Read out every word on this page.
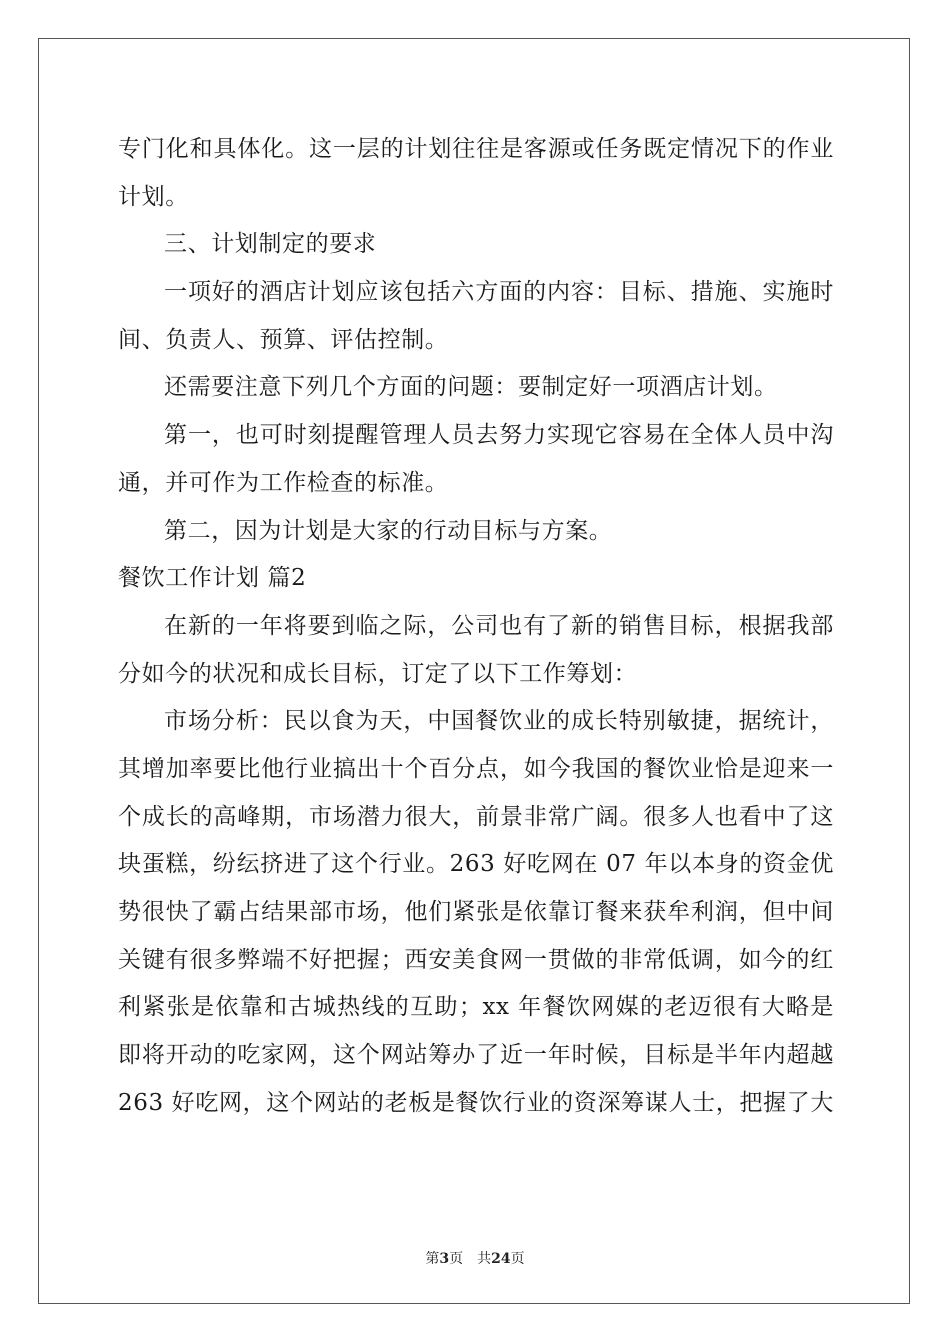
专门化和具体化。这一层的计划往往是客源或任务既定情况下的作业
计划。
三、计划制定的要求
一项好的酒店计划应该包括六方面的内容：目标、措施、实施时
间、负责人、预算、评估控制。
还需要注意下列几个方面的问题：要制定好一项酒店计划。
第一，也可时刻提醒管理人员去努力实现它容易在全体人员中沟
通，并可作为工作检查的标准。
第二，因为计划是大家的行动目标与方案。
餐饮工作计划 篇2
在新的一年将要到临之际，公司也有了新的销售目标，根据我部
分如今的状况和成长目标，订定了以下工作筹划：
市场分析：民以食为天，中国餐饮业的成长特别敏捷，据统计，
其增加率要比他行业搞出十个百分点，如今我国的餐饮业恰是迎来一
个成长的高峰期，市场潜力很大，前景非常广阔。很多人也看中了这
块蛋糕，纷纭挤进了这个行业。263 好吃网在 07 年以本身的资金优
势很快了霸占结果部市场，他们紧张是依靠订餐来获牟利润，但中间
关键有很多弊端不好把握；西安美食网一贯做的非常低调，如今的红
利紧张是依靠和古城热线的互助；xx 年餐饮网媒的老迈很有大略是
即将开动的吃家网，这个网站筹办了近一年时候，目标是半年内超越
263 好吃网，这个网站的老板是餐饮行业的资深筹谋人士，把握了大
第3页 共24页
